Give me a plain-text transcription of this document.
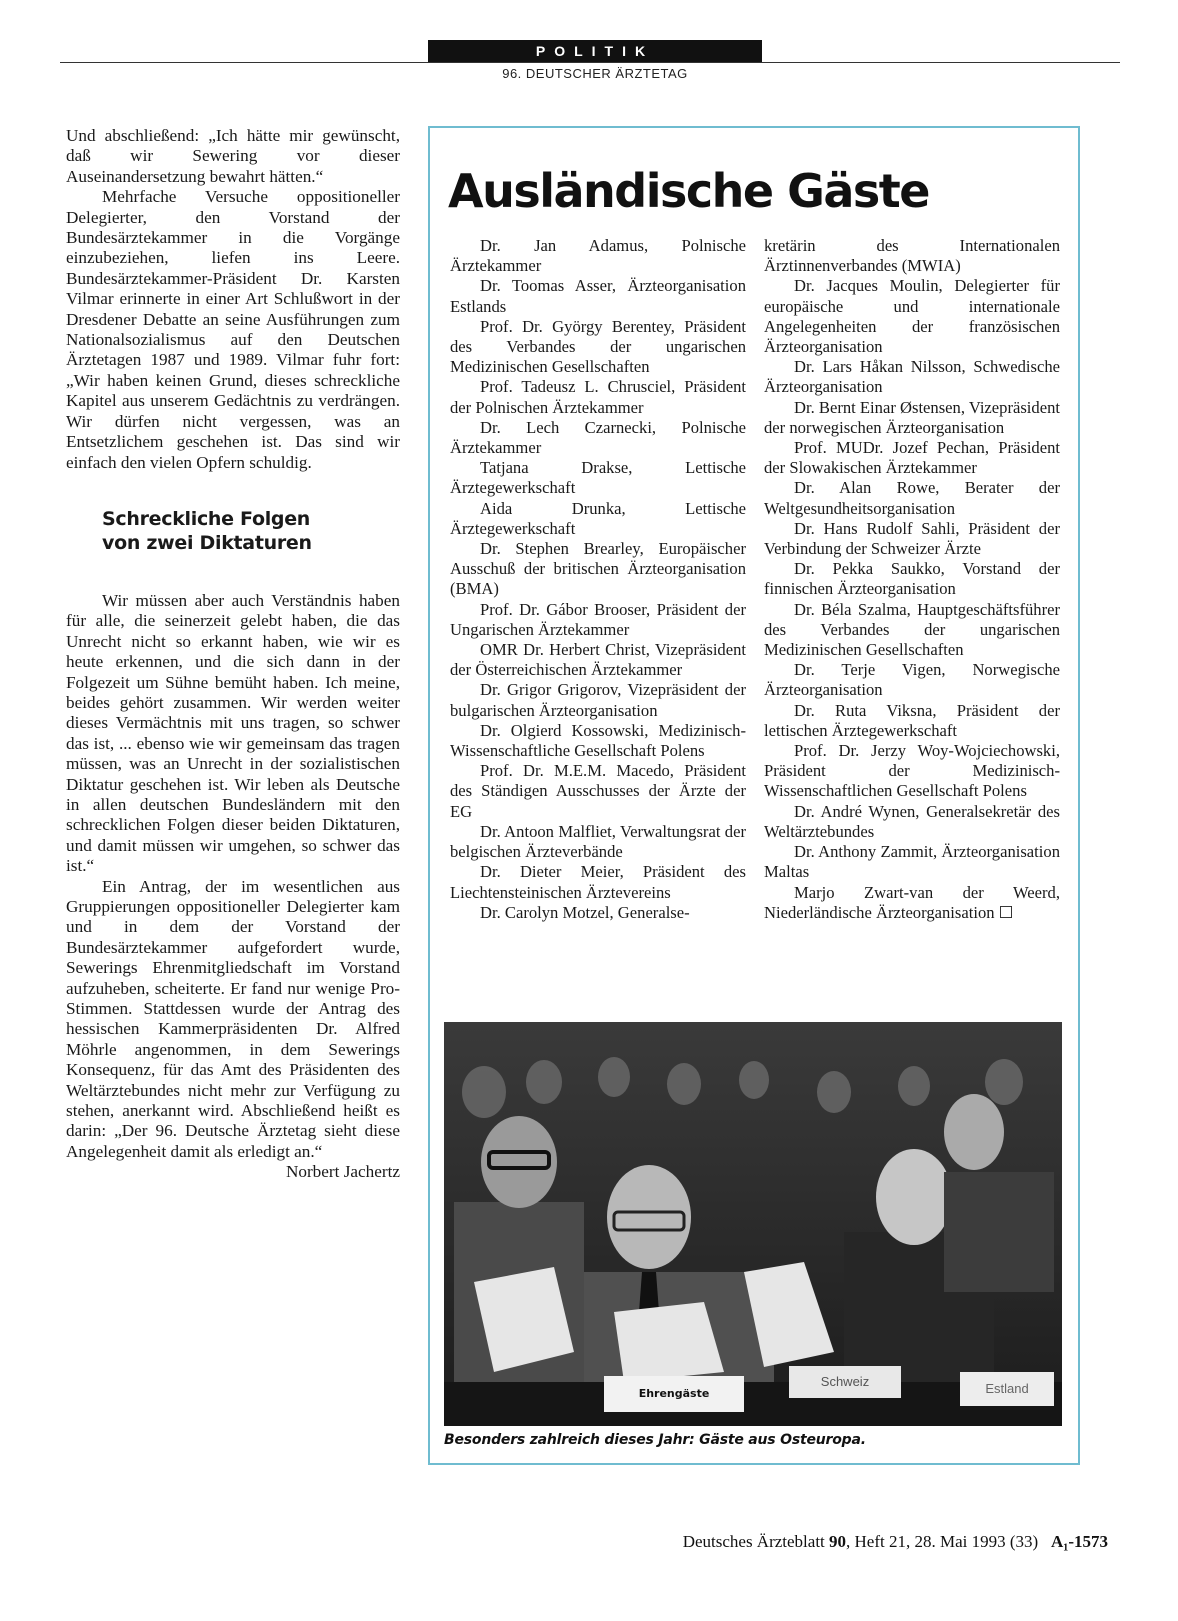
POLITIK
96. DEUTSCHER ÄRZTETAG

Und abschließend: „Ich hätte mir gewünscht, daß wir Sewering vor dieser Auseinandersetzung bewahrt hätten.“

Mehrfache Versuche oppositioneller Delegierter, den Vorstand der Bundesärztekammer in die Vorgänge einzubeziehen, liefen ins Leere. Bundesärztekammer-Präsident Dr. Karsten Vilmar erinnerte in einer Art Schlußwort in der Dresdener Debatte an seine Ausführungen zum Nationalsozialismus auf den Deutschen Ärztetagen 1987 und 1989. Vilmar fuhr fort: „Wir haben keinen Grund, dieses schreckliche Kapitel aus unserem Gedächtnis zu verdrängen. Wir dürfen nicht vergessen, was an Entsetzlichem geschehen ist. Das sind wir einfach den vielen Opfern schuldig.

Schreckliche Folgen
von zwei Diktaturen

Wir müssen aber auch Verständnis haben für alle, die seinerzeit gelebt haben, die das Unrecht nicht so erkannt haben, wie wir es heute erkennen, und die sich dann in der Folgezeit um Sühne bemüht haben. Ich meine, beides gehört zusammen. Wir werden weiter dieses Vermächtnis mit uns tragen, so schwer das ist, ... ebenso wie wir gemeinsam das tragen müssen, was an Unrecht in der sozialistischen Diktatur geschehen ist. Wir leben als Deutsche in allen deutschen Bundesländern mit den schrecklichen Folgen dieser beiden Diktaturen, und damit müssen wir umgehen, so schwer das ist.“

Ein Antrag, der im wesentlichen aus Gruppierungen oppositioneller Delegierter kam und in dem der Vorstand der Bundesärztekammer aufgefordert wurde, Sewerings Ehrenmitgliedschaft im Vorstand aufzuheben, scheiterte. Er fand nur wenige Pro-Stimmen. Stattdessen wurde der Antrag des hessischen Kammerpräsidenten Dr. Alfred Möhrle angenommen, in dem Sewerings Konsequenz, für das Amt des Präsidenten des Weltärztebundes nicht mehr zur Verfügung zu stehen, anerkannt wird. Abschließend heißt es darin: „Der 96. Deutsche Ärztetag sieht diese Angelegenheit damit als erledigt an.“

Norbert Jachertz
Ausländische Gäste

Dr. Jan Adamus, Polnische Ärztekammer

Dr. Toomas Asser, Ärzteorganisation Estlands

Prof. Dr. György Berentey, Präsident des Verbandes der ungarischen Medizinischen Gesellschaften

Prof. Tadeusz L. Chrusciel, Präsident der Polnischen Ärztekammer

Dr. Lech Czarnecki, Polnische Ärztekammer

Tatjana Drakse, Lettische Ärztegewerkschaft

Aida Drunka, Lettische Ärztegewerkschaft

Dr. Stephen Brearley, Europäischer Ausschuß der britischen Ärzteorganisation (BMA)

Prof. Dr. Gábor Brooser, Präsident der Ungarischen Ärztekammer

OMR Dr. Herbert Christ, Vizepräsident der Österreichischen Ärztekammer

Dr. Grigor Grigorov, Vizepräsident der bulgarischen Ärzteorganisation

Dr. Olgierd Kossowski, Medizinisch-Wissenschaftliche Gesellschaft Polens

Prof. Dr. M.E.M. Macedo, Präsident des Ständigen Ausschusses der Ärzte der EG

Dr. Antoon Malfliet, Verwaltungsrat der belgischen Ärzteverbände

Dr. Dieter Meier, Präsident des Liechtensteinischen Ärztevereins

Dr. Carolyn Motzel, Generalse-

kretärin des Internationalen Ärztinnenverbandes (MWIA)

Dr. Jacques Moulin, Delegierter für europäische und internationale Angelegenheiten der französischen Ärzteorganisation

Dr. Lars Håkan Nilsson, Schwedische Ärzteorganisation

Dr. Bernt Einar Østensen, Vizepräsident der norwegischen Ärzteorganisation

Prof. MUDr. Jozef Pechan, Präsident der Slowakischen Ärztekammer

Dr. Alan Rowe, Berater der Weltgesundheitsorganisation

Dr. Hans Rudolf Sahli, Präsident der Verbindung der Schweizer Ärzte

Dr. Pekka Saukko, Vorstand der finnischen Ärzteorganisation

Dr. Béla Szalma, Hauptgeschäftsführer des Verbandes der ungarischen Medizinischen Gesellschaften

Dr. Terje Vigen, Norwegische Ärzteorganisation

Dr. Ruta Viksna, Präsident der lettischen Ärztegewerkschaft

Prof. Dr. Jerzy Woy-Wojciechowski, Präsident der Medizinisch-Wissenschaftlichen Gesellschaft Polens

Dr. André Wynen, Generalsekretär des Weltärztebundes

Dr. Anthony Zammit, Ärzteorganisation Maltas

Marjo Zwart-van der Weerd, Niederländische Ärzteorganisation ☐

Ehrengäste
Schweiz	Estland
Besonders zahlreich dieses Jahr: Gäste aus Osteuropa.
Deutsches Ärzteblatt 90, Heft 21, 28. Mai 1993 (33) A₁-1573
